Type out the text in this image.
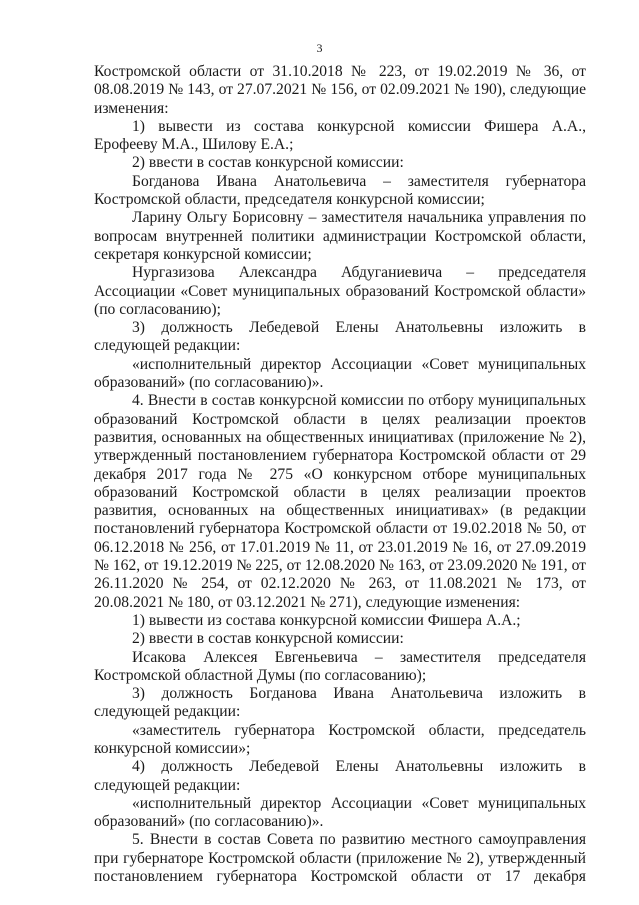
3

Костромской области от 31.10.2018 № 223, от 19.02.2019 № 36, от 08.08.2019 № 143, от 27.07.2021 № 156, от 02.09.2021 № 190), следующие изменения:

1) вывести из состава конкурсной комиссии Фишера А.А., Ерофееву М.А., Шилову Е.А.;

2) ввести в состав конкурсной комиссии:

Богданова Ивана Анатольевича – заместителя губернатора Костромской области, председателя конкурсной комиссии;

Ларину Ольгу Борисовну – заместителя начальника управления по вопросам внутренней политики администрации Костромской области, секретаря конкурсной комиссии;

Нургазизова Александра Абдуганиевича – председателя Ассоциации «Совет муниципальных образований Костромской области» (по согласованию);

3) должность Лебедевой Елены Анатольевны изложить в следующей редакции:

«исполнительный директор Ассоциации «Совет муниципальных образований» (по согласованию)».

4. Внести в состав конкурсной комиссии по отбору муниципальных образований Костромской области в целях реализации проектов развития, основанных на общественных инициативах (приложение № 2), утвержденный постановлением губернатора Костромской области от 29 декабря 2017 года № 275 «О конкурсном отборе муниципальных образований Костромской области в целях реализации проектов развития, основанных на общественных инициативах» (в редакции постановлений губернатора Костромской области от 19.02.2018 № 50, от 06.12.2018 № 256, от 17.01.2019 № 11, от 23.01.2019 № 16, от 27.09.2019 № 162, от 19.12.2019 № 225, от 12.08.2020 № 163, от 23.09.2020 № 191, от 26.11.2020 № 254, от 02.12.2020 № 263, от 11.08.2021 № 173, от 20.08.2021 № 180, от 03.12.2021 № 271), следующие изменения:

1) вывести из состава конкурсной комиссии Фишера А.А.;

2) ввести в состав конкурсной комиссии:

Исакова Алексея Евгеньевича – заместителя председателя Костромской областной Думы (по согласованию);

3) должность Богданова Ивана Анатольевича изложить в следующей редакции:

«заместитель губернатора Костромской области, председатель конкурсной комиссии»;

4) должность Лебедевой Елены Анатольевны изложить в следующей редакции:

«исполнительный директор Ассоциации «Совет муниципальных образований» (по согласованию)».

5. Внести в состав Совета по развитию местного самоуправления при губернаторе Костромской области (приложение № 2), утвержденный постановлением губернатора Костромской области от 17 декабря
